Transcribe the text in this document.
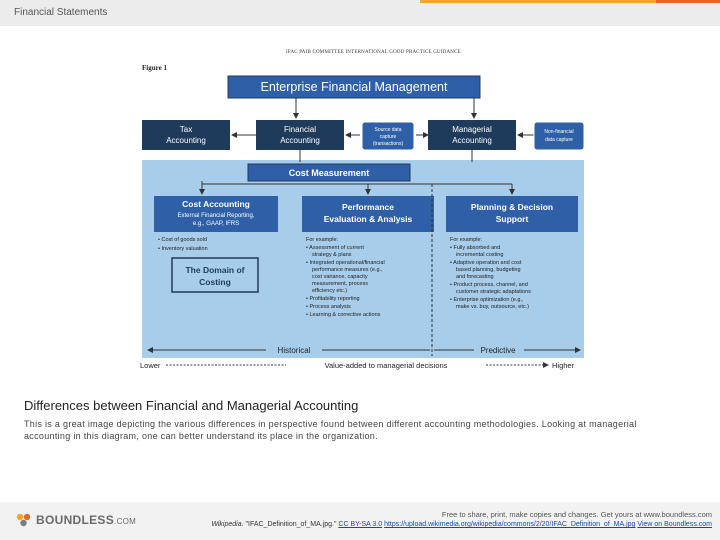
Financial Statements
IFAC PAIB COMMITTEE INTERNATIONAL GOOD PRACTICE GUIDANCE
Figure 1
Enterprise Financial Management
Tax
Accounting
Financial
Accounting
Source data
capture
(transactions)
Managerial
Accounting
Non-financial
data capture
Cost Measurement
Cost Accounting
External Financial Reporting,
e.g., GAAP, IFRS
Performance
Evaluation & Analysis
Planning & Decision
Support
• Cost of goods sold
• Inventory valuation
The Domain of
Costing
For example:
• Assessment of current
strategy & plans
• Integrated operational/financial
performance measures (e.g.,
cost variance, capacity
measurement, process
efficiency etc.)
• Profitability reporting
• Process analysis
• Learning & corrective actions
For example:
• Fully absorbed and
incremental costing
• Adaptive operation and cost
based planning, budgeting
and forecasting
• Product process, channel, and
customer strategic adaptations
• Enterprise optimization (e.g.,
make vs. buy, outsource, etc.)
Historical	Predictive
Lower	Value-added to managerial decisions	Higher
Differences between Financial and Managerial Accounting
This is a great image depicting the various differences in perspective found between different accounting methodologies. Looking at managerial accounting in this diagram, one can better understand its place in the organization.
BOUNDLESS.COM
Free to share, print, make copies and changes. Get yours at www.boundless.com
Wikipedia. "IFAC_Definition_of_MA.jpg." CC BY-SA 3.0 https://upload.wikimedia.org/wikipedia/commons/2/20/IFAC_Definition_of_MA.jpg View on Boundless.com
